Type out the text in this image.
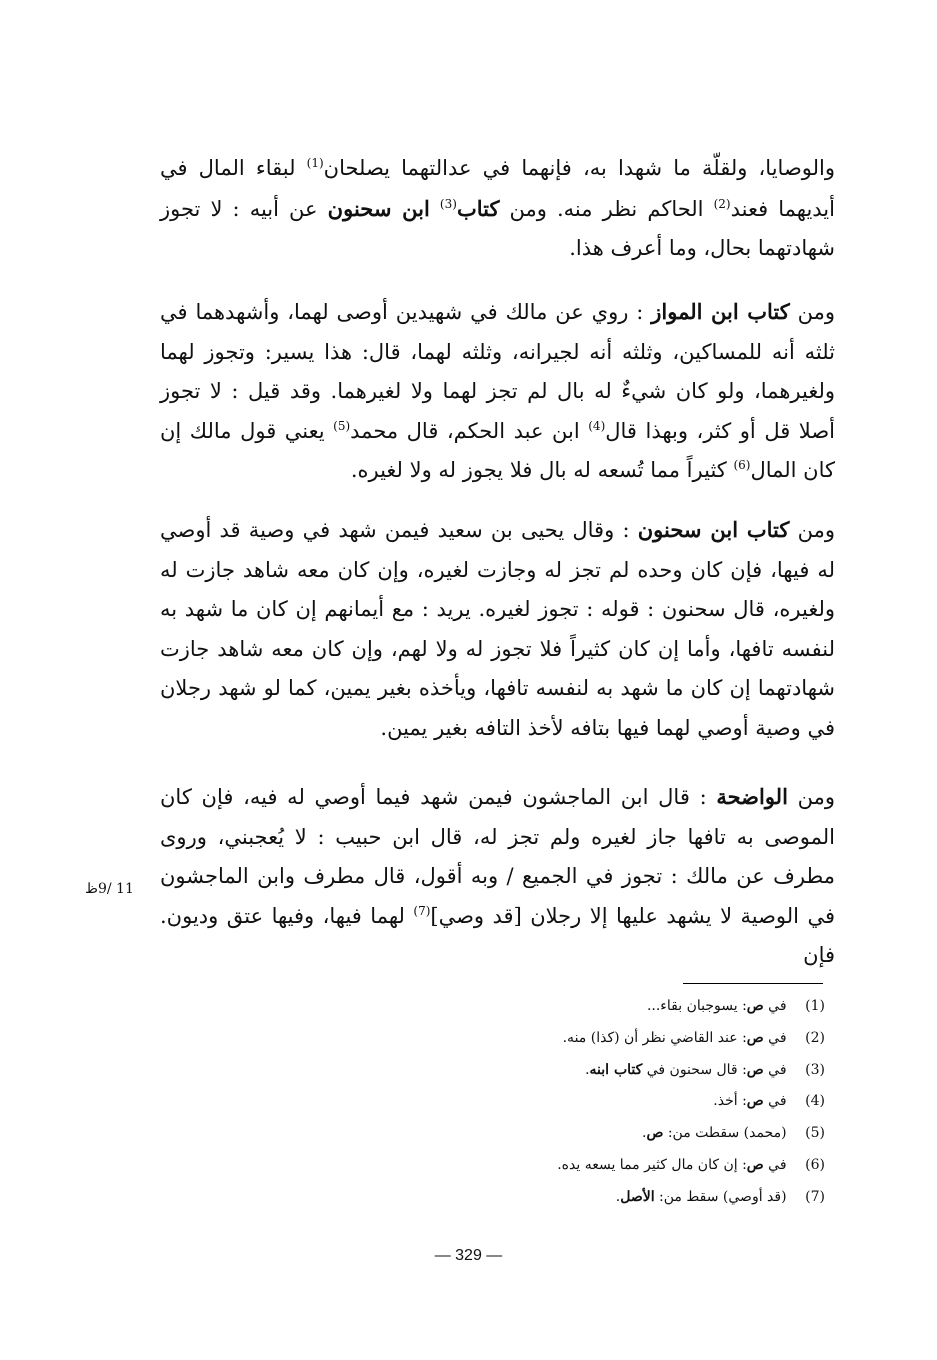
والوصايا، ولقلّة ما شهدا به، فإنهما في عدالتهما يصلحان$^{(1)}$ لبقاء المال في أيديهما فعند$^{(2)}$ الحاكم نظر منه. ومن كتاب$^{(3)}$ ابن سحنون عن أبيه : لا تجوز شهادتهما بحال، وما أعرف هذا.

ومن كتاب ابن المواز : روي عن مالك في شهيدين أوصى لهما، وأشهدهما في ثلثه أنه للمساكين، وثلثه أنه لجيرانه، وثلثه لهما، قال: هذا يسير: وتجوز لهما ولغيرهما، ولو كان شيءٌ له بال لم تجز لهما ولا لغيرهما. وقد قيل : لا تجوز أصلا قل أو كثر، وبهذا قال$^{(4)}$ ابن عبد الحكم، قال محمد$^{(5)}$ يعني قول مالك إن كان المال$^{(6)}$ كثيراً مما تُسعه له بال فلا يجوز له ولا لغيره.

ومن كتاب ابن سحنون : وقال يحيى بن سعيد فيمن شهد في وصية قد أوصي له فيها، فإن كان وحده لم تجز له وجازت لغيره، وإن كان معه شاهد جازت له ولغيره، قال سحنون : قوله : تجوز لغيره. يريد : مع أيمانهم إن كان ما شهد به لنفسه تافها، وأما إن كان كثيراً فلا تجوز له ولا لهم، وإن كان معه شاهد جازت شهادتهما إن كان ما شهد به لنفسه تافها، ويأخذه بغير يمين، كما لو شهد رجلان في وصية أوصي لهما فيها بتافه لأخذ التافه بغير يمين.

ومن الواضحة : قال ابن الماجشون فيمن شهد فيما أوصي له فيه، فإن كان الموصى به تافها جاز لغيره ولم تجز له، قال ابن حبيب : لا يُعجبني، وروى مطرف عن مالك : تجوز في الجميع / وبه أقول، قال مطرف وابن الماجشون في الوصية لا يشهد عليها إلا رجلان [قد وصي]$^{(7)}$ لهما فيها، وفيها عتق وديون. فإن

11 /9ظ
( 1 ) في ص: يسوجبان بقاء...
( 2 ) في ص: عند القاضي نظر أن (كذا) منه.
( 3 ) في ص: قال سحنون في كتاب ابنه.
( 4 ) في ص: أخذ.
( 5 ) (محمد) سقطت من: ص.
( 6 ) في ص: إن كان مال كثير مما يسعه يده.
( 7 ) (قد أوصي) سقط من: الأصل.
— 329 —
